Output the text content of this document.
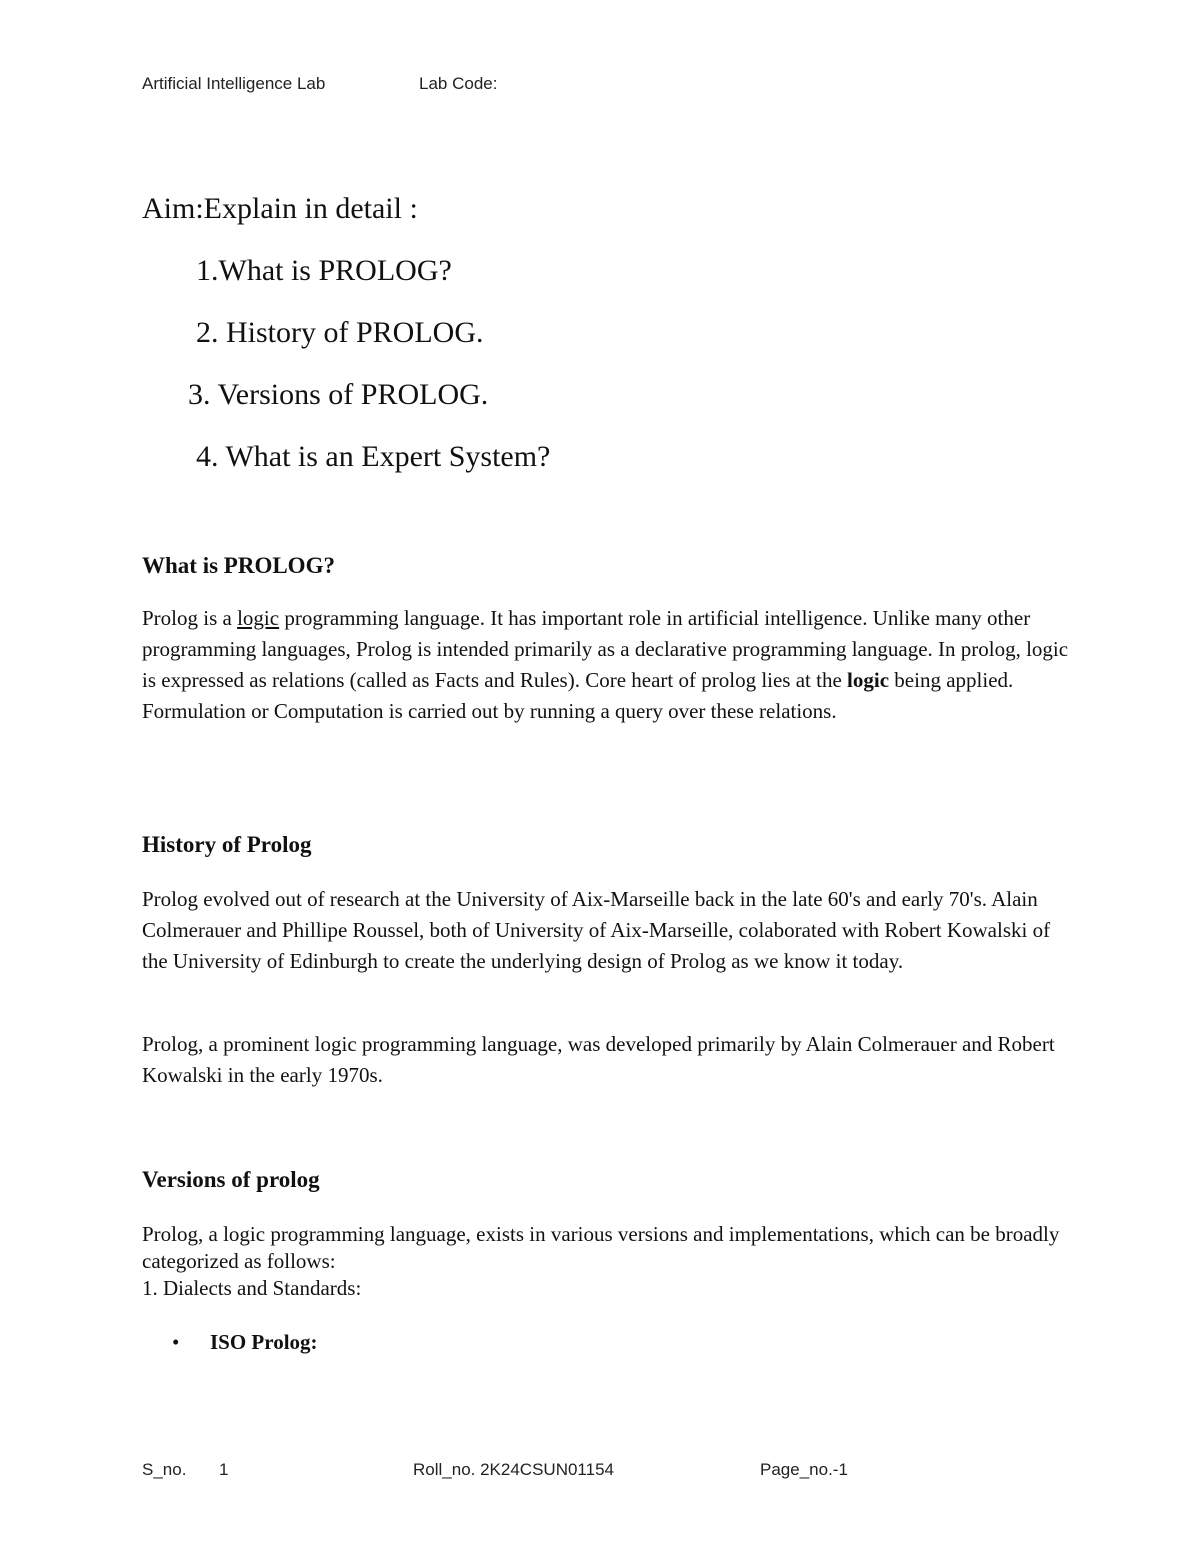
Artificial Intelligence Lab	Lab Code:
Aim:Explain in detail :
1.What is PROLOG?
2. History of PROLOG.
3. Versions of PROLOG.
4. What is an Expert System?
What is PROLOG?

Prolog is a logic programming language. It has important role in artificial intelligence. Unlike many other programming languages, Prolog is intended primarily as a declarative programming language. In prolog, logic is expressed as relations (called as Facts and Rules). Core heart of prolog lies at the logic being applied. Formulation or Computation is carried out by running a query over these relations.

History of Prolog

Prolog evolved out of research at the University of Aix-Marseille back in the late 60's and early 70's. Alain Colmerauer and Phillipe Roussel, both of University of Aix-Marseille, colaborated with Robert Kowalski of the University of Edinburgh to create the underlying design of Prolog as we know it today.

Prolog, a prominent logic programming language, was developed primarily by Alain Colmerauer and Robert Kowalski in the early 1970s.

Versions of prolog

Prolog, a logic programming language, exists in various versions and implementations, which can be broadly categorized as follows:

1. Dialects and Standards:
• ISO Prolog:
S_no. 1	Roll_no. 2K24CSUN01154	Page_no.-1
